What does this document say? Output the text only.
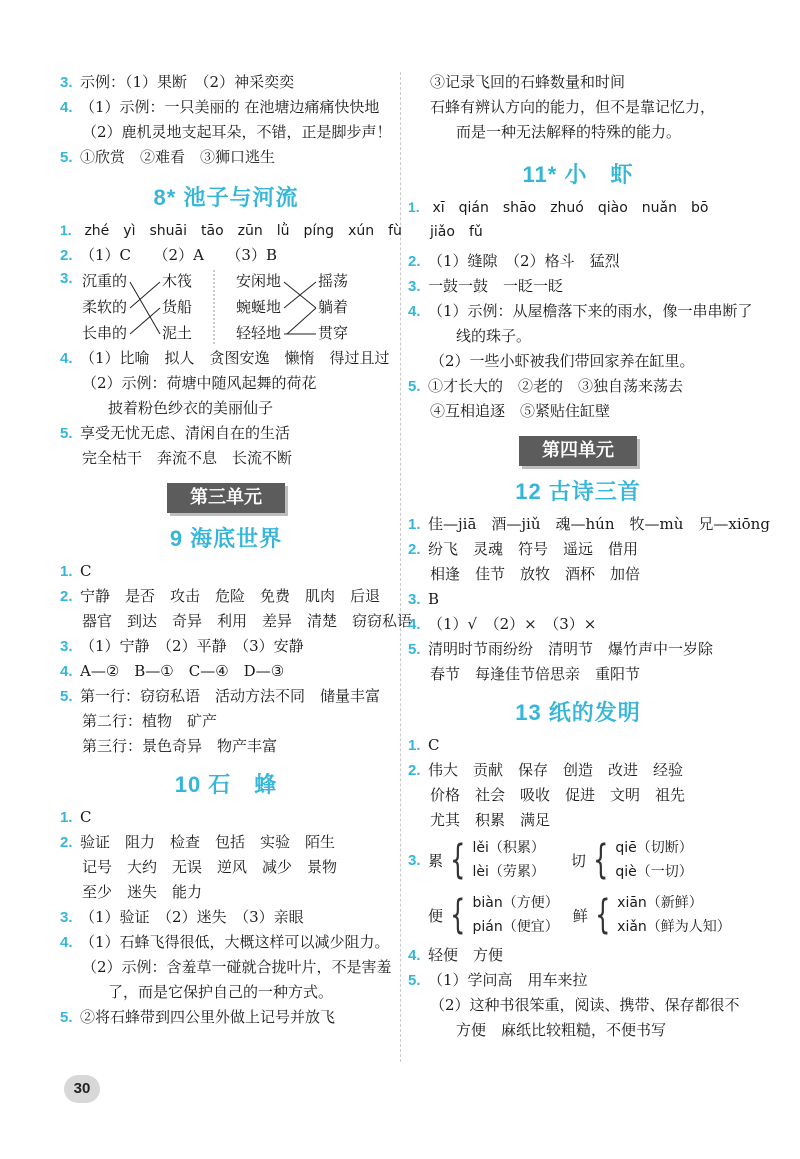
3. 示例：（1）果断　（2）神采奕奕
4. （1）示例：一只美丽的 在池塘边痛痛快快地
（2）鹿机灵地支起耳朵，不错，正是脚步声！
5. ①欣赏　②难看　③狮口逃生
8* 池子与河流
1. zhé yì shuāi tāo zūn lǜ píng xún fù
2. （1）C　　（2）A　　（3）B
3. 沉重的
柔软的
长串的
木筏
货船
泥土
安闲地
蜿蜒地
轻轻地
摇荡
躺着
贯穿
4. （1）比喻　拟人　贪图安逸　懒惰　得过且过
（2）示例：荷塘中随风起舞的荷花
披着粉色纱衣的美丽仙子
5. 享受无忧无虑、清闲自在的生活
完全枯干　奔流不息　长流不断
第三单元
9 海底世界
1. C
2. 宁静　是否　攻击　危险　免费　肌肉　后退
器官　到达　奇异　利用　差异　清楚　窃窃私语
3. （1）宁静　（2）平静　（3）安静
4. A—②　B—①　C—④　D—③
5. 第一行：窃窃私语　活动方法不同　储量丰富
第二行：植物　矿产
第三行：景色奇异　物产丰富
10 石　蜂
1. C
2. 验证　阻力　检查　包括　实验　陌生
记号　大约　无误　逆风　减少　景物
至少　迷失　能力
3. （1）验证　（2）迷失　（3）亲眼
4. （1）石蜂飞得很低，大概这样可以减少阻力。
（2）示例：含羞草一碰就合拢叶片，不是害羞
了，而是它保护自己的一种方式。
5. ②将石蜂带到四公里外做上记号并放飞
③记录飞回的石蜂数量和时间
石蜂有辨认方向的能力，但不是靠记忆力，
而是一种无法解释的特殊的能力。
11* 小　虾
1. xī qián shāo zhuó qiào nuǎn bō
jiǎo fǔ
2. （1）缝隙　（2）格斗　猛烈
3. 一鼓一鼓　一眨一眨
4. （1）示例：从屋檐落下来的雨水，像一串串断了
线的珠子。
（2）一些小虾被我们带回家养在缸里。
5. ①才长大的　②老的　③独自荡来荡去
④互相追逐　⑤紧贴住缸壁
第四单元
12 古诗三首
1. 佳—jiā　酒—jiǔ　魂—hún　牧—mù　兄—xiōng
2. 纷飞　灵魂　符号　遥远　借用
相逢　佳节　放牧　酒杯　加倍
3. B
4. （1）√　（2）×　（3）×
5. 清明时节雨纷纷　清明节　爆竹声中一岁除
春节　每逢佳节倍思亲　重阳节
13 纸的发明
1. C
2. 伟大　贡献　保存　创造　改进　经验
价格　社会　吸收　促进　文明　祖先
尤其　积累　满足
3. 累 { lěi（积累）
lèi（劳累）
切 { qiē（切断）
qiè（一切）
便 { biàn（方便）
pián（便宜）
鲜 { xiān（新鲜）
xiǎn（鲜为人知）
4. 轻便　方便
5. （1）学问高　用车来拉
（2）这种书很笨重，阅读、携带、保存都很不
方便　麻纸比较粗糙，不便书写
30
